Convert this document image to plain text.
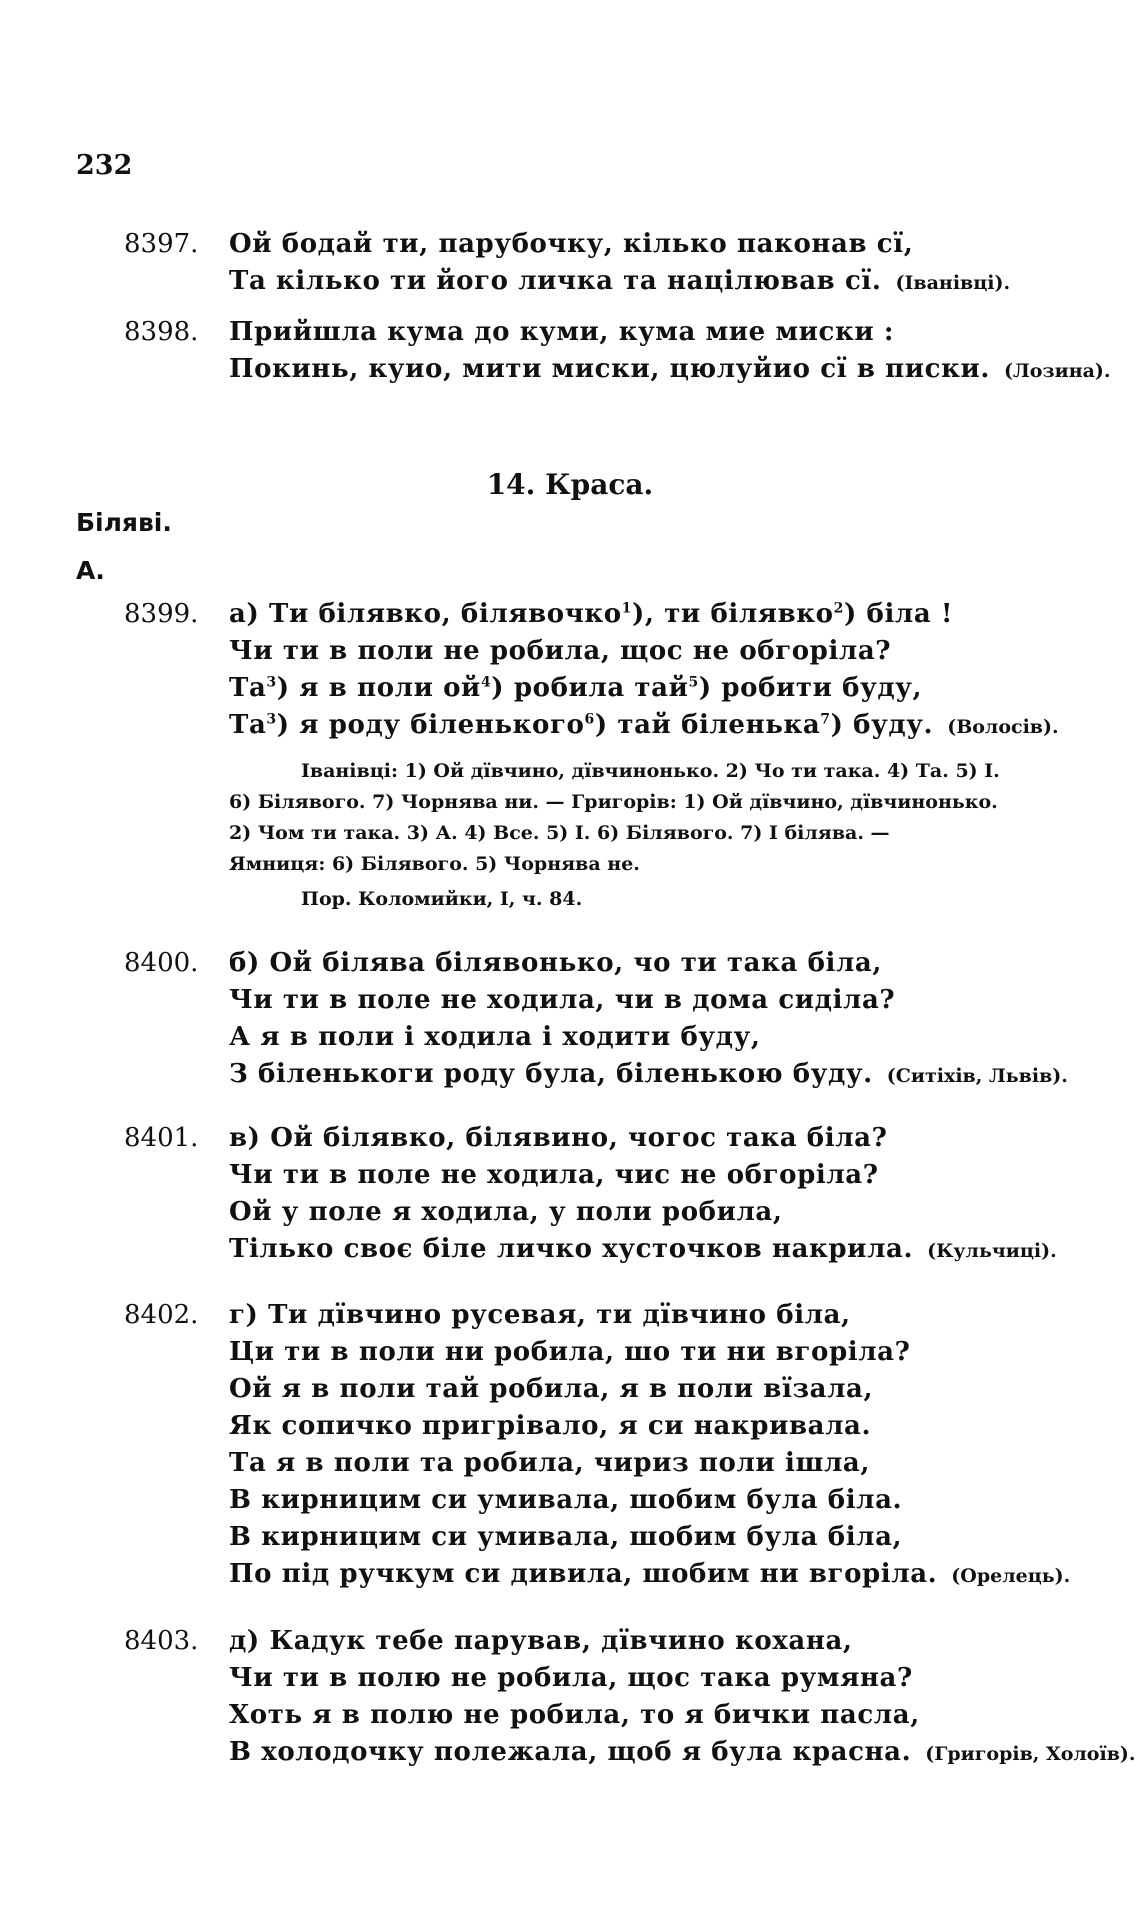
232
8397. Ой бодай ти, парубочку, кілько паконав сї,
Та кілько ти його личка та націлював сї. (Іванівці).
8398. Прийшла кума до куми, кума мие миски :
Покинь, куио, мити миски, цюлуйио сї в писки. (Лозина).
14. Краса.
Біляві.
А.
8399. а) Ти білявко, білявочко$^1$), ти білявко$^2$) біла !
Чи ти в поли не робила, щос не обгоріла?
$Та^3$) я в поли $ой^4$) робила тай$^5$) робити буду,
$Та^3$) я роду біленького$^6$) тай біленька$^7$) буду. (Волосів).
Іванівці: 1) Ой дївчино, дївчинонько. 2) Чо ти така. 4) Та. 5) І.
6) Білявого. 7) Чорнява ни. — Григорів: 1) Ой дївчино, дївчинонько.
2) Чом ти така. 3) А. 4) Все. 5) І. 6) Білявого. 7) І білява. —
Ямниця: 6) Білявого. 5) Чорнява не.
Пор. Коломийки, I, ч. 84.
8400. б) Ой білява білявонько, чо ти така біла,
Чи ти в поле не ходила, чи в дома сиділа?
А я в поли і ходила і ходити буду,
З біленькоги роду була, біленькою буду. (Ситіхів, Львів).
8401. в) Ой білявко, білявино, чогос така біла?
Чи ти в поле не ходила, чис не обгоріла?
Ой у поле я ходила, у поли робила,
Тілько своє біле личко хусточков накрила. (Кульчиці).
8402. г) Ти дївчино русевая, ти дївчино біла,
Ци ти в поли ни робила, шо ти ни вгоріла?
Ой я в поли тай робила, я в поли вїзала,
Як сопичко пригрівало, я си накривала.
Та я в поли та робила, чириз поли ішла,
В кирницим си умивала, шобим була біла.
В кирницим си умивала, шобим була біла,
По під ручкум си дивила, шобим ни вгоріла. (Орелець).
8403. д) Кадук тебе парував, дївчино кохана,
Чи ти в полю не робила, щос така румяна?
Хоть я в полю не робила, то я бички пасла,
В холодочку полежала, щоб я була красна. (Григорів, Холоїв).
